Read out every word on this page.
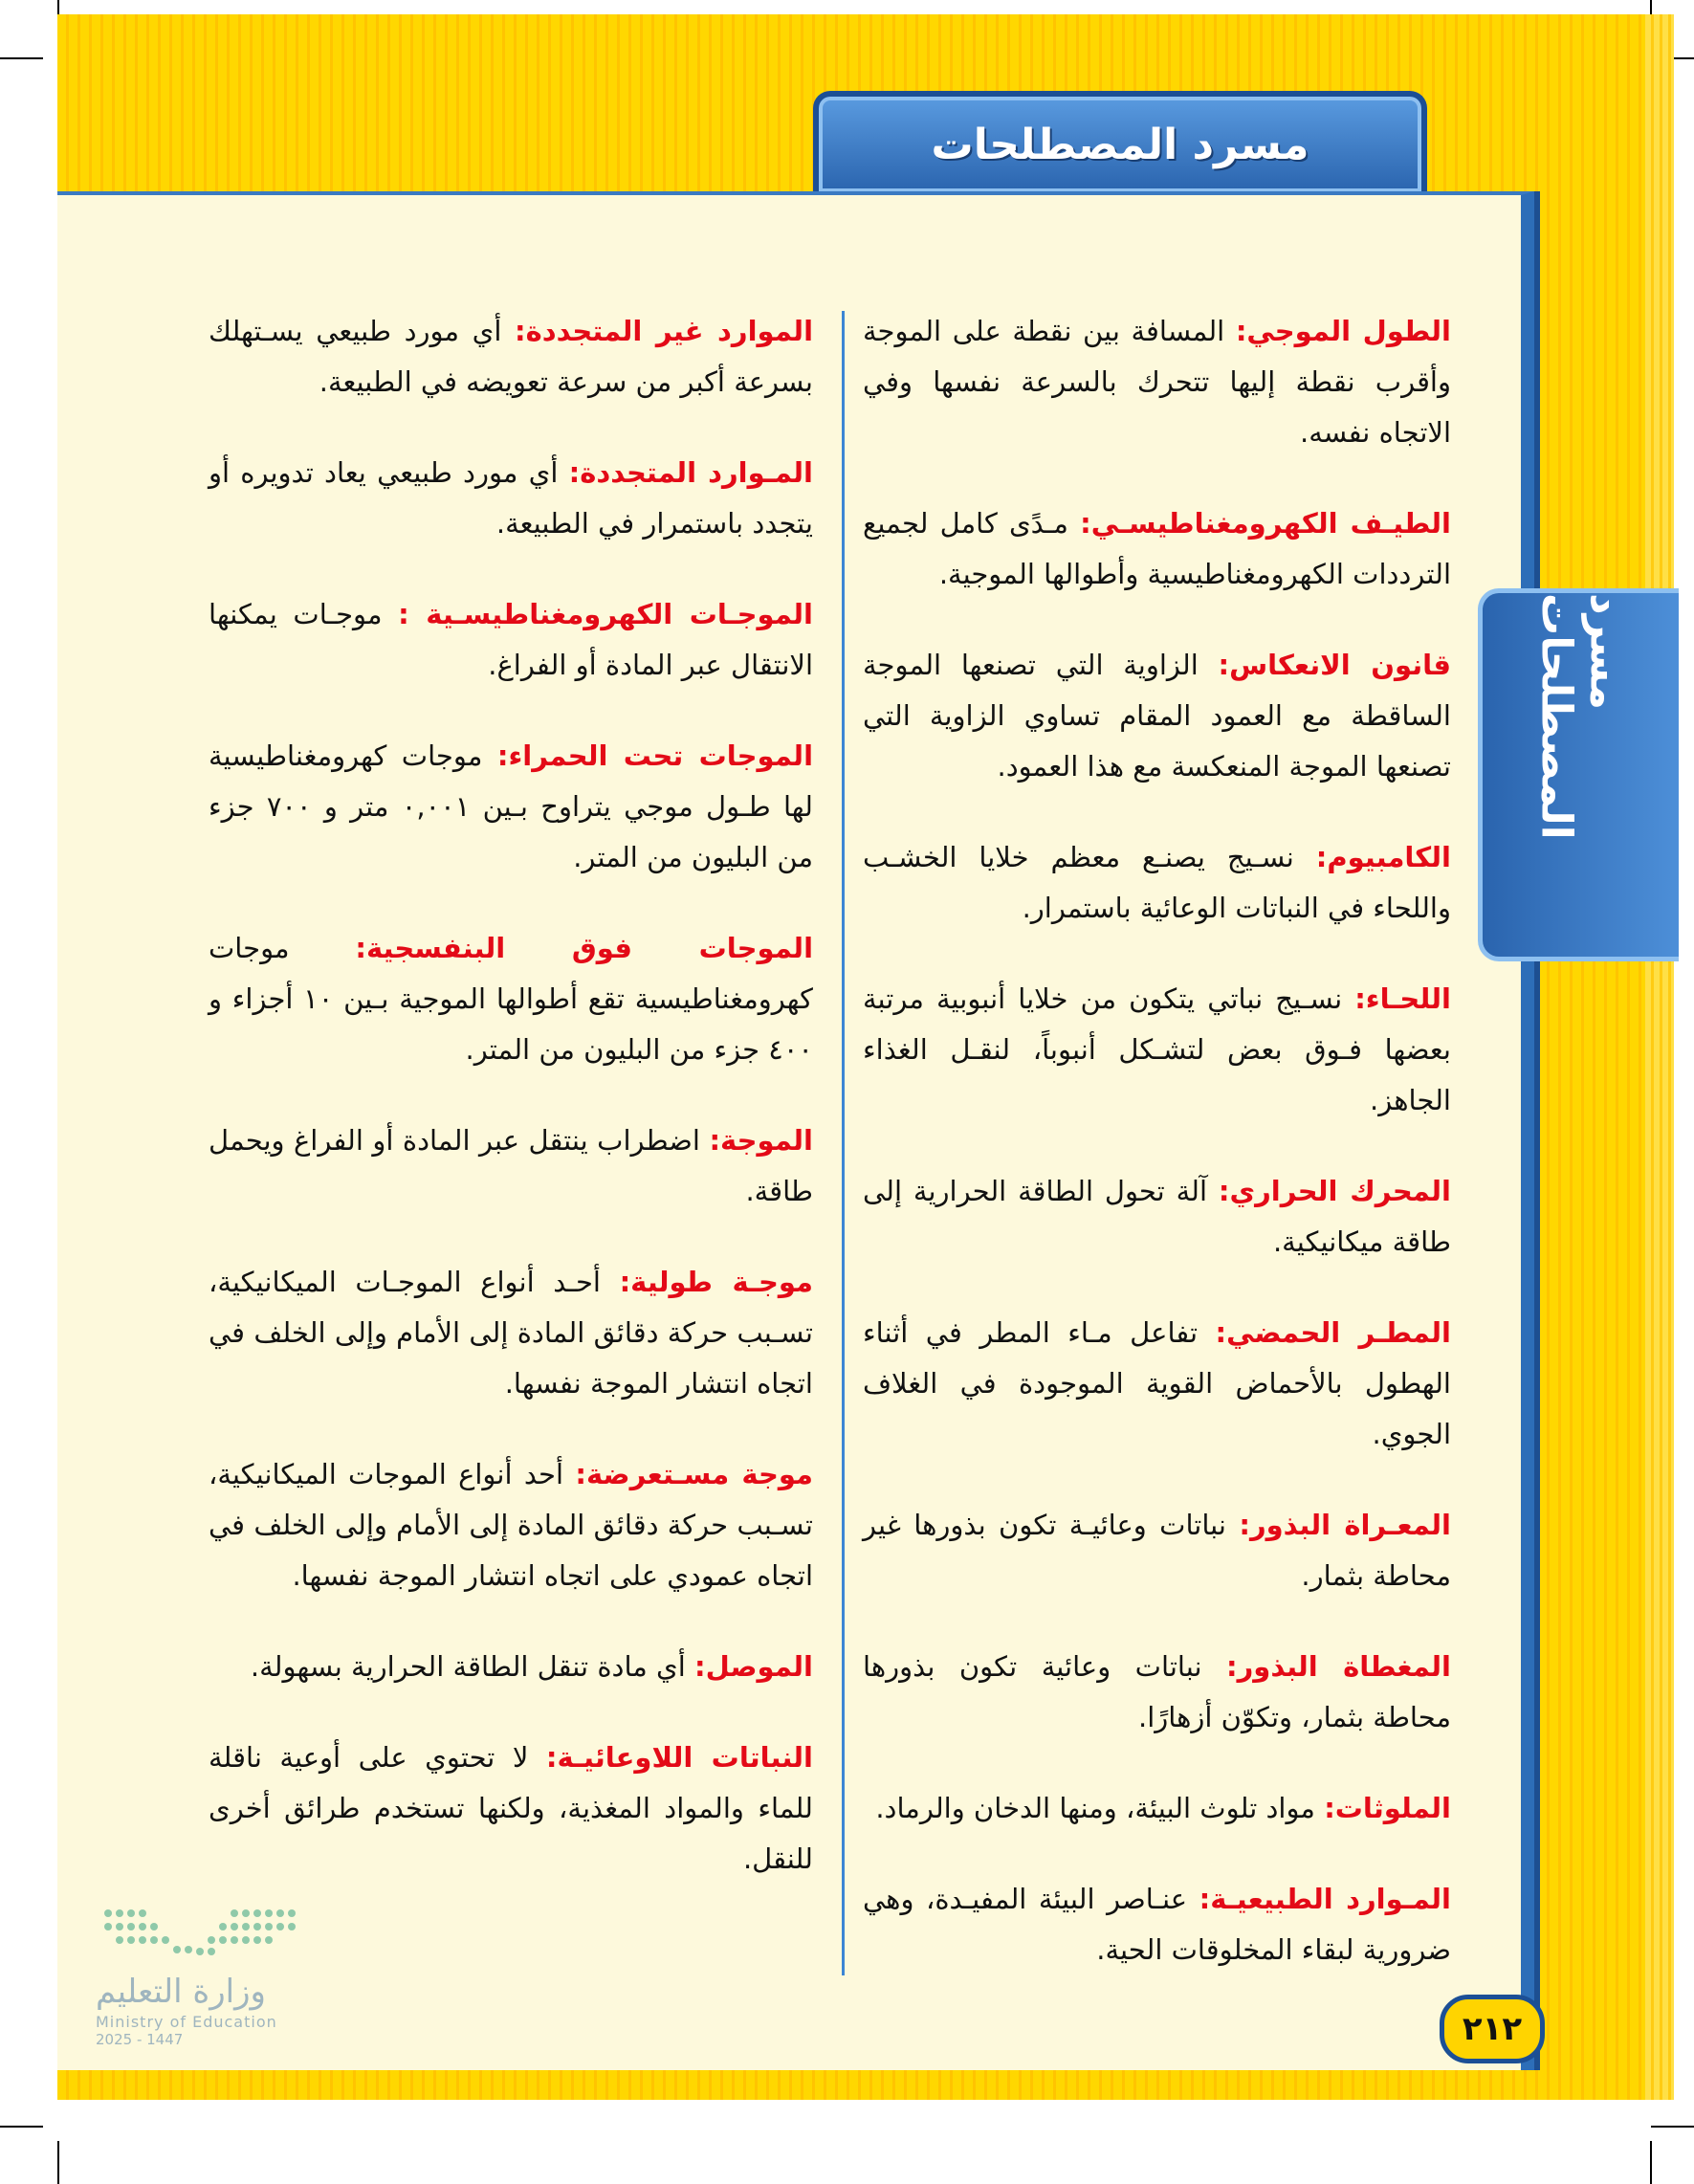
مسرد المصطلحات
مسرد المصطلحات

الطول الموجي: المسافة بين نقطة على الموجة وأقرب نقطة إليها تتحرك بالسرعة نفسها وفي الاتجاه نفسه.

الطيـف الكهرومغناطيسـي: مـدًى كامل لجميع الترددات الكهرومغناطيسية وأطوالها الموجية.

قانون الانعكاس: الزاوية التي تصنعها الموجة الساقطة مع العمود المقام تساوي الزاوية التي تصنعها الموجة المنعكسة مع هذا العمود.

الكامبيوم: نسـيج يصنـع معظم خلايا الخشـب واللحاء في النباتات الوعائية باستمرار.

اللحـاء: نسـيج نباتي يتكون من خلايا أنبوبية مرتبة بعضها فـوق بعض لتشـكل أنبوباً، لنقـل الغذاء الجاهز.

المحرك الحراري: آلة تحول الطاقة الحرارية إلى طاقة ميكانيكية.

المطـر الحمضي: تفاعل مـاء المطر في أثناء الهطول بالأحماض القوية الموجودة في الغلاف الجوي.

المعـراة البذور: نباتات وعائيـة تكون بذورها غير محاطة بثمار.

المغطاة البذور: نباتات وعائية تكون بذورها محاطة بثمار، وتكوّن أزهارًا.

الملوثات: مواد تلوث البيئة، ومنها الدخان والرماد.

المـوارد الطبيعيـة: عنـاصر البيئة المفيـدة، وهي ضرورية لبقاء المخلوقات الحية.

الموارد غير المتجددة: أي مورد طبيعي يسـتهلك بسرعة أكبر من سرعة تعويضه في الطبيعة.

المـوارد المتجددة: أي مورد طبيعي يعاد تدويره أو يتجدد باستمرار في الطبيعة.

الموجـات الكهرومغناطيسـية : موجـات يمكنها الانتقال عبر المادة أو الفراغ.

الموجات تحت الحمراء: موجات كهرومغناطيسية لها طـول موجي يتراوح بـين ٠,٠٠١ متر و ٧٠٠ جزء من البليون من المتر.

الموجات فوق البنفسجية: موجات كهرومغناطيسية تقع أطوالها الموجية بـين ١٠ أجزاء و ٤٠٠ جزء من البليون من المتر.

الموجة: اضطراب ينتقل عبر المادة أو الفراغ ويحمل طاقة.

موجـة طولية: أحـد أنواع الموجـات الميكانيكية، تسـبب حركة دقائق المادة إلى الأمام وإلى الخلف في اتجاه انتشار الموجة نفسها.

موجة مسـتعرضة: أحد أنواع الموجات الميكانيكية، تسـبب حركة دقائق المادة إلى الأمام وإلى الخلف في اتجاه عمودي على اتجاه انتشار الموجة نفسها.

الموصل: أي مادة تنقل الطاقة الحرارية بسهولة.

النباتات اللاوعائيـة: لا تحتوي على أوعية ناقلة للماء والمواد المغذية، ولكنها تستخدم طرائق أخرى للنقل.

٢١٢
وزارة التعليم
Ministry of Education
2025 - 1447
